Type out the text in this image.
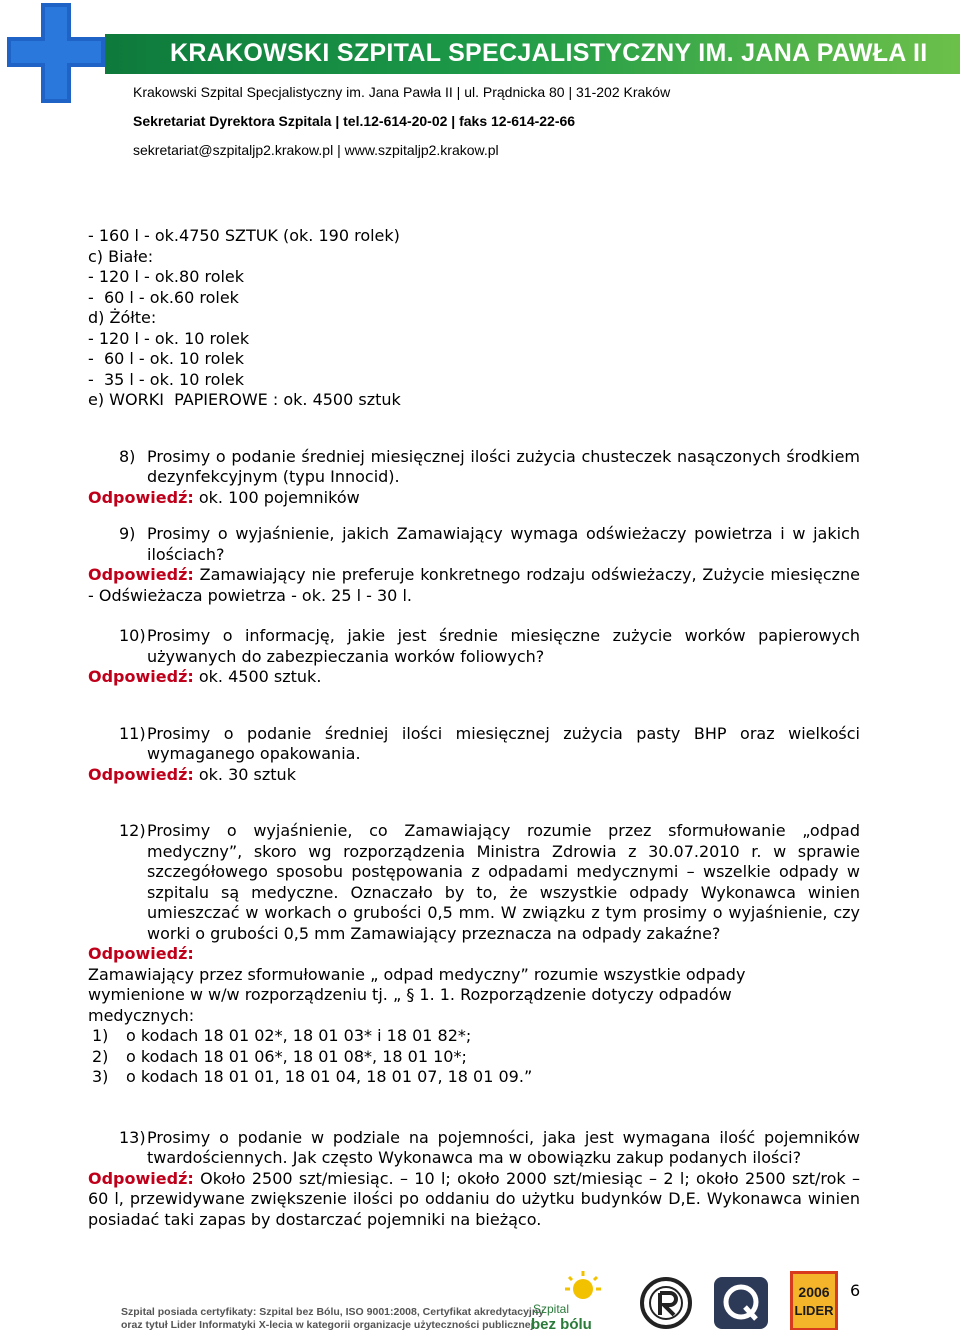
KRAKOWSKI SZPITAL SPECJALISTYCZNY IM. JANA PAWŁA II
Krakowski Szpital Specjalistyczny im. Jana Pawła II | ul. Prądnicka 80 | 31-202 Kraków
Sekretariat Dyrektora Szpitala | tel.12-614-20-02 | faks 12-614-22-66
sekretariat@szpitaljp2.krakow.pl | www.szpitaljp2.krakow.pl
- 160 l - ok.4750 SZTUK (ok. 190 rolek)
c) Białe:
- 120 l - ok.80 rolek
-  60 l - ok.60 rolek
d) Żółte:
- 120 l - ok. 10 rolek
-  60 l - ok. 10 rolek
-  35 l - ok. 10 rolek
e) WORKI  PAPIEROWE : ok. 4500 sztuk
8) Prosimy o podanie średniej miesięcznej ilości zużycia chusteczek nasączonych środkiem dezynfekcyjnym (typu Innocid).
Odpowiedź: ok. 100 pojemników
9) Prosimy o wyjaśnienie, jakich Zamawiający wymaga odświeżaczy powietrza i w jakich ilościach?
Odpowiedź: Zamawiający nie preferuje konkretnego rodzaju odświeżaczy, Zużycie miesięczne - Odświeżacza powietrza - ok. 25 l - 30 l.
10) Prosimy o informację, jakie jest średnie miesięczne zużycie worków papierowych używanych do zabezpieczania worków foliowych?
Odpowiedź: ok. 4500 sztuk.
11) Prosimy o podanie średniej ilości miesięcznej zużycia pasty BHP oraz wielkości wymaganego opakowania.
Odpowiedź: ok. 30 sztuk
12) Prosimy o wyjaśnienie, co Zamawiający rozumie przez sformułowanie „odpad medyczny”, skoro wg rozporządzenia Ministra Zdrowia z 30.07.2010 r. w sprawie szczegółowego sposobu postępowania z odpadami medycznymi – wszelkie odpady w szpitalu są medyczne. Oznaczało by to, że wszystkie odpady Wykonawca winien umieszczać w workach o grubości 0,5 mm. W związku z tym prosimy o wyjaśnienie, czy worki o grubości 0,5 mm Zamawiający przeznacza na odpady zakaźne?
Odpowiedź:
Zamawiający przez sformułowanie „ odpad medyczny” rozumie wszystkie odpady
wymienione w w/w rozporządzeniu tj. „ § 1. 1. Rozporządzenie dotyczy odpadów
medycznych:
1)	o kodach 18 01 02*, 18 01 03* i 18 01 82*;
2)	o kodach 18 01 06*, 18 01 08*, 18 01 10*;
3)	o kodach 18 01 01, 18 01 04, 18 01 07, 18 01 09.”
13) Prosimy o podanie w podziale na pojemności, jaka jest wymagana ilość pojemników twardościennych. Jak często Wykonawca ma w obowiązku zakup podanych ilości?
Odpowiedź: Około 2500 szt/miesiąc. – 10 l; około 2000 szt/miesiąc – 2 l; około 2500 szt/rok – 60 l, przewidywane zwiększenie ilości po oddaniu do użytku budynków D,E. Wykonawca winien posiadać taki zapas by dostarczać pojemniki na bieżąco.
Szpital posiada certyfikaty: Szpital bez Bólu, ISO 9001:2008, Certyfikat akredytacyjny
oraz tytuł Lider Informatyki X-lecia w kategorii organizacje użyteczności publicznej
Szpital
bez bólu
2006
LIDER
6
